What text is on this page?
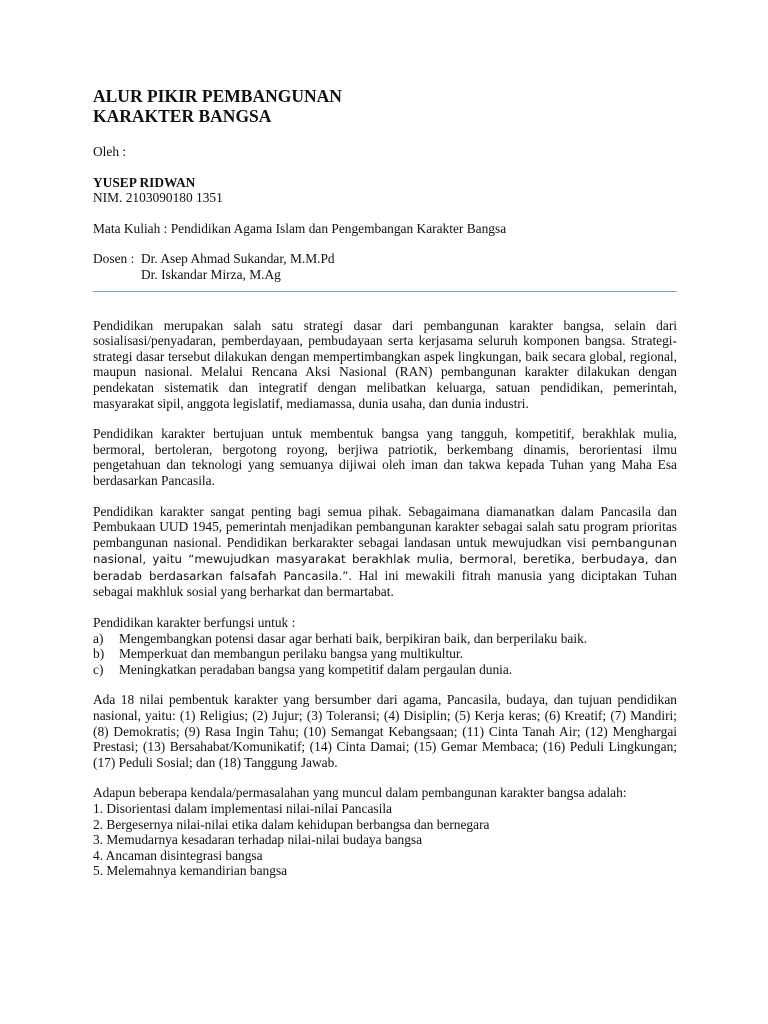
ALUR PIKIR PEMBANGUNAN
KARAKTER BANGSA
Oleh :
YUSEP RIDWAN
NIM. 2103090180 1351
Mata Kuliah : Pendidikan Agama Islam dan Pengembangan Karakter Bangsa
Dosen : Dr. Asep Ahmad Sukandar, M.M.Pd
Dr. Iskandar Mirza, M.Ag

Pendidikan merupakan salah satu strategi dasar dari pembangunan karakter bangsa, selain dari sosialisasi/penyadaran, pemberdayaan, pembudayaan serta kerjasama seluruh komponen bangsa. Strategi-strategi dasar tersebut dilakukan dengan mempertimbangkan aspek lingkungan, baik secara global, regional, maupun nasional. Melalui Rencana Aksi Nasional (RAN) pembangunan karakter dilakukan dengan pendekatan sistematik dan integratif dengan melibatkan keluarga, satuan pendidikan, pemerintah, masyarakat sipil, anggota legislatif, mediamassa, dunia usaha, dan dunia industri.

Pendidikan karakter bertujuan untuk membentuk bangsa yang tangguh, kompetitif, berakhlak mulia, bermoral, bertoleran, bergotong royong, berjiwa patriotik, berkembang dinamis, berorientasi ilmu pengetahuan dan teknologi yang semuanya dijiwai oleh iman dan takwa kepada Tuhan yang Maha Esa berdasarkan Pancasila.

Pendidikan karakter sangat penting bagi semua pihak. Sebagaimana diamanatkan dalam Pancasila dan Pembukaan UUD 1945, pemerintah menjadikan pembangunan karakter sebagai salah satu program prioritas pembangunan nasional. Pendidikan berkarakter sebagai landasan untuk mewujudkan visi pembangunan nasional, yaitu “mewujudkan masyarakat berakhlak mulia, bermoral, beretika, berbudaya, dan beradab berdasarkan falsafah Pancasila.”. Hal ini mewakili fitrah manusia yang diciptakan Tuhan sebagai makhluk sosial yang berharkat dan bermartabat.

Pendidikan karakter berfungsi untuk :
a)	Mengembangkan potensi dasar agar berhati baik, berpikiran baik, dan berperilaku baik.
b)	Memperkuat dan membangun perilaku bangsa yang multikultur.
c)	Meningkatkan peradaban bangsa yang kompetitif dalam pergaulan dunia.

Ada 18 nilai pembentuk karakter yang bersumber dari agama, Pancasila, budaya, dan tujuan pendidikan nasional, yaitu: (1) Religius; (2) Jujur; (3) Toleransi; (4) Disiplin; (5) Kerja keras; (6) Kreatif; (7) Mandiri; (8) Demokratis; (9) Rasa Ingin Tahu; (10) Semangat Kebangsaan; (11) Cinta Tanah Air; (12) Menghargai Prestasi; (13) Bersahabat/Komunikatif; (14) Cinta Damai; (15) Gemar Membaca; (16) Peduli Lingkungan; (17) Peduli Sosial; dan (18) Tanggung Jawab.

Adapun beberapa kendala/permasalahan yang muncul dalam pembangunan karakter bangsa adalah:
1. Disorientasi dalam implementasi nilai-nilai Pancasila
2. Bergesernya nilai-nilai etika dalam kehidupan berbangsa dan bernegara
3. Memudarnya kesadaran terhadap nilai-nilai budaya bangsa
4. Ancaman disintegrasi bangsa
5. Melemahnya kemandirian bangsa
